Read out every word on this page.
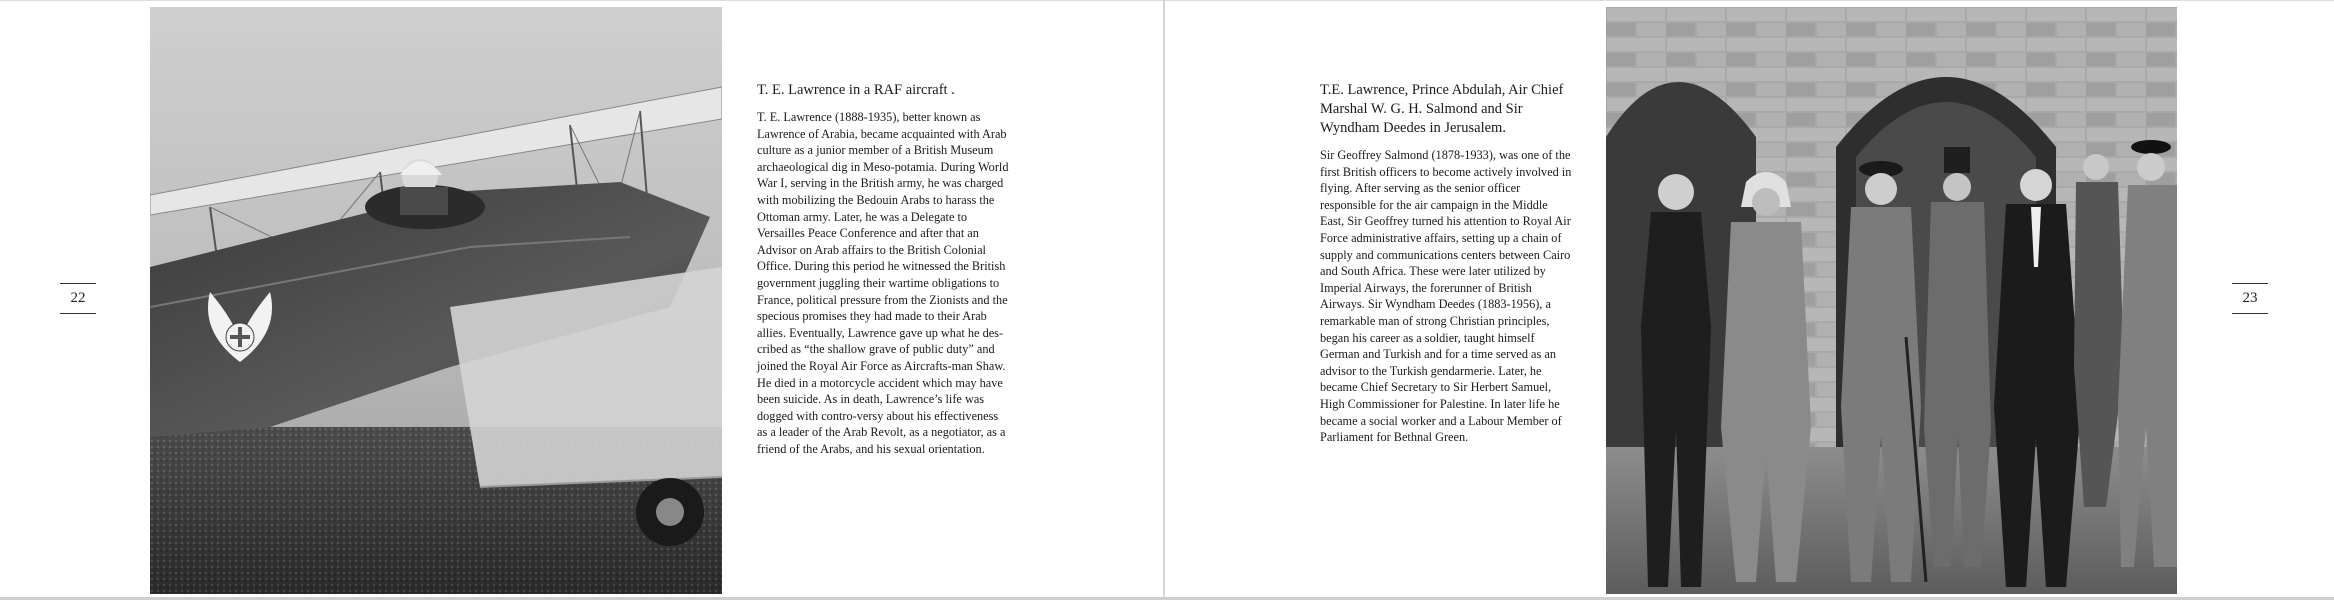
22
T. E. Lawrence in a RAF aircraft .

T. E. Lawrence (1888-1935), better known as Lawrence of Arabia, became acquainted with Arab culture as a junior member of a British Museum archaeological dig in Meso-potamia. During World War I, serving in the British army, he was charged with mobilizing the Bedouin Arabs to harass the Ottoman army. Later, he was a Delegate to Versailles Peace Conference and after that an Advisor on Arab affairs to the British Colonial Office. During this period he witnessed the British government juggling their wartime obligations to France, political pressure from the Zionists and the specious promises they had made to their Arab allies. Eventually, Lawrence gave up what he des-cribed as “the shallow grave of public duty” and joined the Royal Air Force as Aircrafts-man Shaw. He died in a motorcycle accident which may have been suicide. As in death, Lawrence’s life was dogged with contro-versy about his effectiveness as a leader of the Arab Revolt, as a negotiator, as a friend of the Arabs, and his sexual orientation.

T.E. Lawrence, Prince Abdulah, Air Chief Marshal W. G. H. Salmond and Sir Wyndham Deedes in Jerusalem.

Sir Geoffrey Salmond (1878-1933), was one of the first British officers to become actively involved in flying. After serving as the senior officer responsible for the air campaign in the Middle East, Sir Geoffrey turned his attention to Royal Air Force administrative affairs, setting up a chain of supply and communications centers between Cairo and South Africa. These were later utilized by Imperial Airways, the forerunner of British Airways. Sir Wyndham Deedes (1883-1956), a remarkable man of strong Christian principles, began his career as a soldier, taught himself German and Turkish and for a time served as an advisor to the Turkish gendarmerie. Later, he became Chief Secretary to Sir Herbert Samuel, High Commissioner for Palestine. In later life he became a social worker and a Labour Member of Parliament for Bethnal Green.

23
